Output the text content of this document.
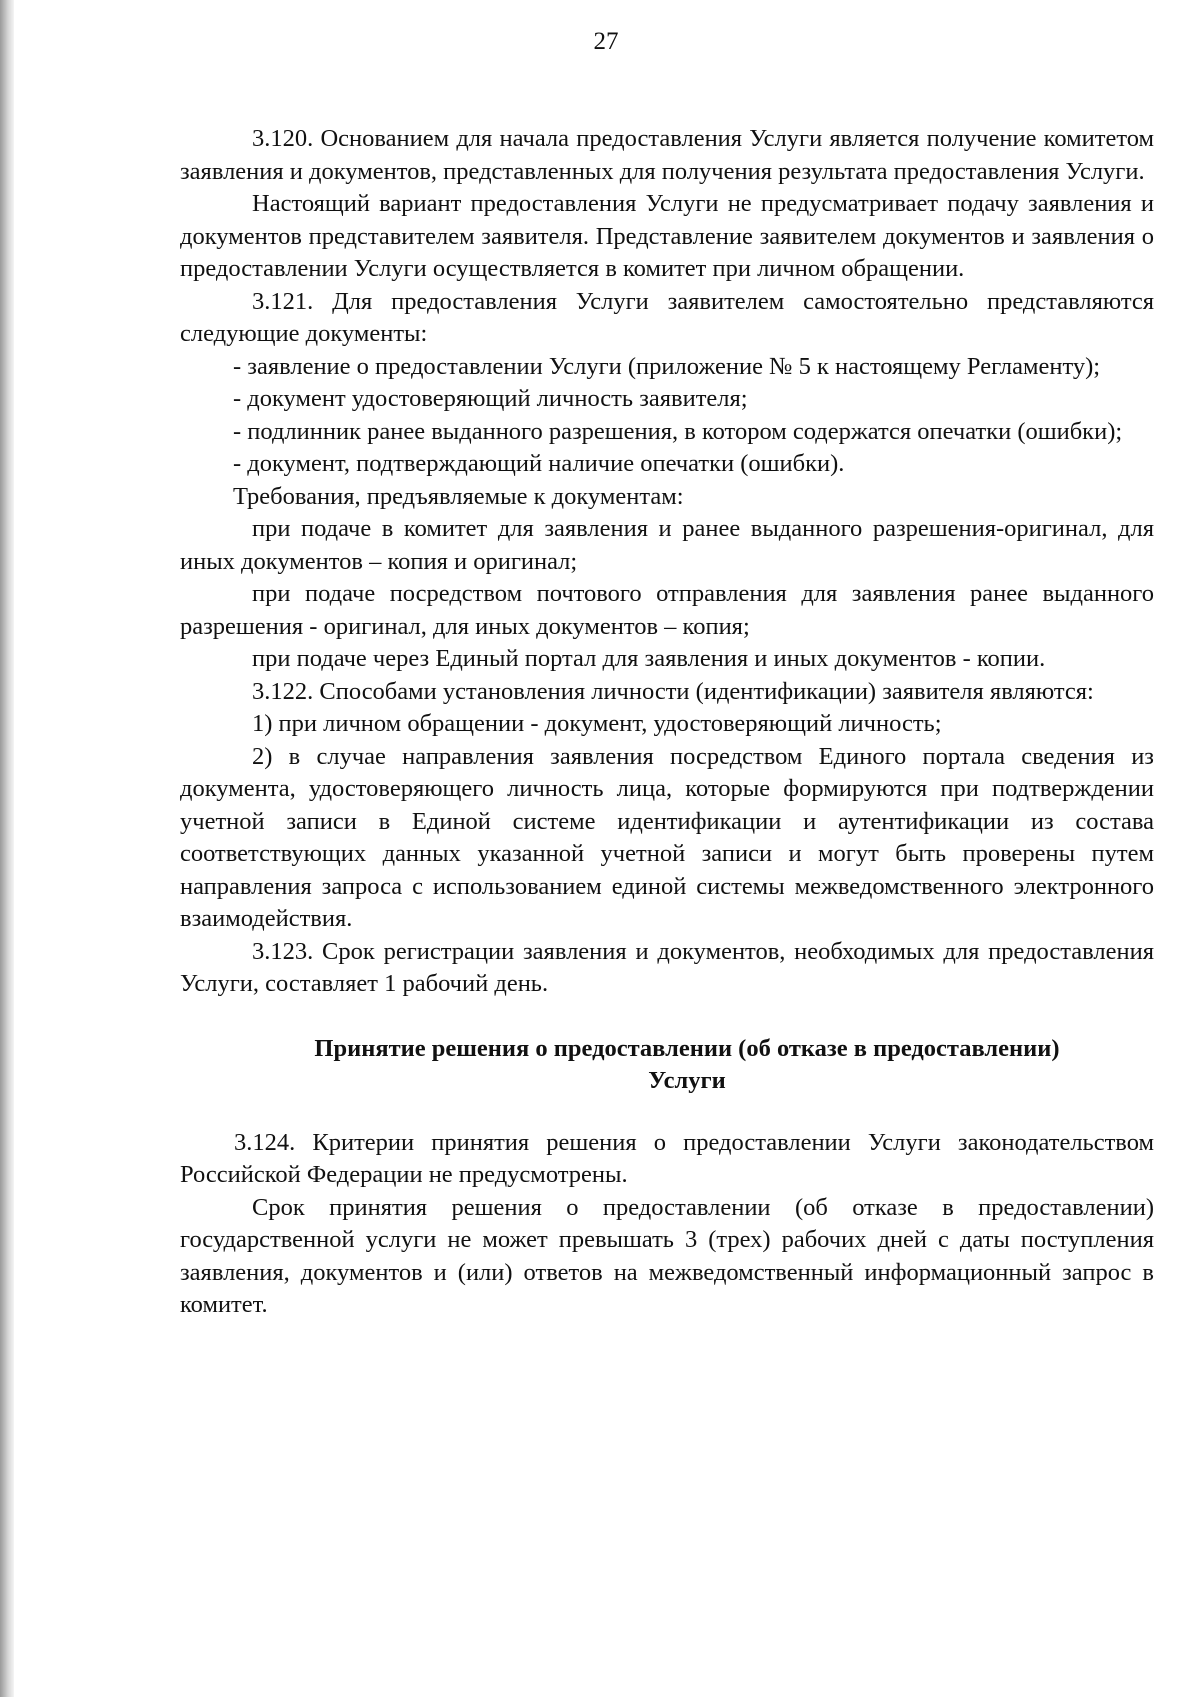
27

3.120. Основанием для начала предоставления Услуги является получение комитетом заявления и документов, представленных для получения результата предоставления Услуги.

Настоящий вариант предоставления Услуги не предусматривает подачу заявления и документов представителем заявителя. Представление заявителем документов и заявления о предоставлении Услуги осуществляется в комитет при личном обращении.

3.121. Для предоставления Услуги заявителем самостоятельно представляются следующие документы:

- заявление о предоставлении Услуги (приложение № 5 к настоящему Регламенту);

- документ удостоверяющий личность заявителя;

- подлинник ранее выданного разрешения, в котором содержатся опечатки (ошибки);

- документ, подтверждающий наличие опечатки (ошибки).

Требования, предъявляемые к документам:

при подаче в комитет для заявления и ранее выданного разрешения-оригинал, для иных документов – копия и оригинал;

при подаче посредством почтового отправления для заявления ранее выданного разрешения - оригинал, для иных документов – копия;

при подаче через Единый портал для заявления и иных документов - копии.

3.122. Способами установления личности (идентификации) заявителя являются:

1) при личном обращении - документ, удостоверяющий личность;

2) в случае направления заявления посредством Единого портала сведения из документа, удостоверяющего личность лица, которые формируются при подтверждении учетной записи в Единой системе идентификации и аутентификации из состава соответствующих данных указанной учетной записи и могут быть проверены путем направления запроса с использованием единой системы межведомственного электронного взаимодействия.

3.123. Срок регистрации заявления и документов, необходимых для предоставления Услуги, составляет 1 рабочий день.

Принятие решения о предоставлении (об отказе в предоставлении)
Услуги

3.124. Критерии принятия решения о предоставлении Услуги законодательством Российской Федерации не предусмотрены.

Срок принятия решения о предоставлении (об отказе в предоставлении) государственной услуги не может превышать 3 (трех) рабочих дней с даты поступления заявления, документов и (или) ответов на межведомственный информационный запрос в комитет.
